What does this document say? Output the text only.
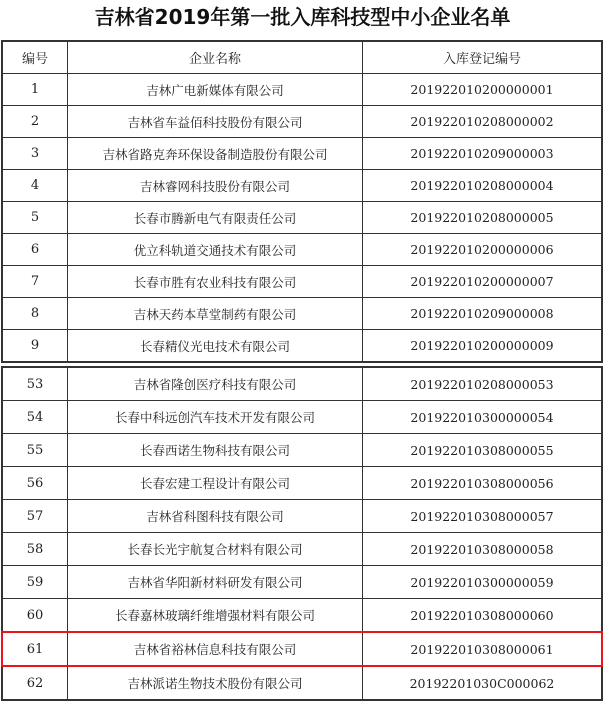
吉林省2019年第一批入库科技型中小企业名单
编号	企业名称	入库登记编号
1	吉林广电新媒体有限公司	201922010200000001
2	吉林省车益佰科技股份有限公司	201922010208000002
3	吉林省路克奔环保设备制造股份有限公司	201922010209000003
4	吉林睿网科技股份有限公司	201922010208000004
5	长春市腾新电气有限责任公司	201922010208000005
6	优立科轨道交通技术有限公司	201922010200000006
7	长春市胜有农业科技有限公司	201922010200000007
8	吉林天药本草堂制药有限公司	201922010209000008
9	长春精仪光电技术有限公司	201922010200000009
53	吉林省隆创医疗科技有限公司	201922010208000053
54	长春中科远创汽车技术开发有限公司	201922010300000054
55	长春西诺生物科技有限公司	201922010308000055
56	长春宏建工程设计有限公司	201922010308000056
57	吉林省科图科技有限公司	201922010308000057
58	长春长光宇航复合材料有限公司	201922010308000058
59	吉林省华阳新材料研发有限公司	201922010300000059
60	长春嘉林玻璃纤维增强材料有限公司	201922010308000060
61	吉林省裕林信息科技有限公司	201922010308000061
62	吉林派诺生物技术股份有限公司	20192201030C000062
